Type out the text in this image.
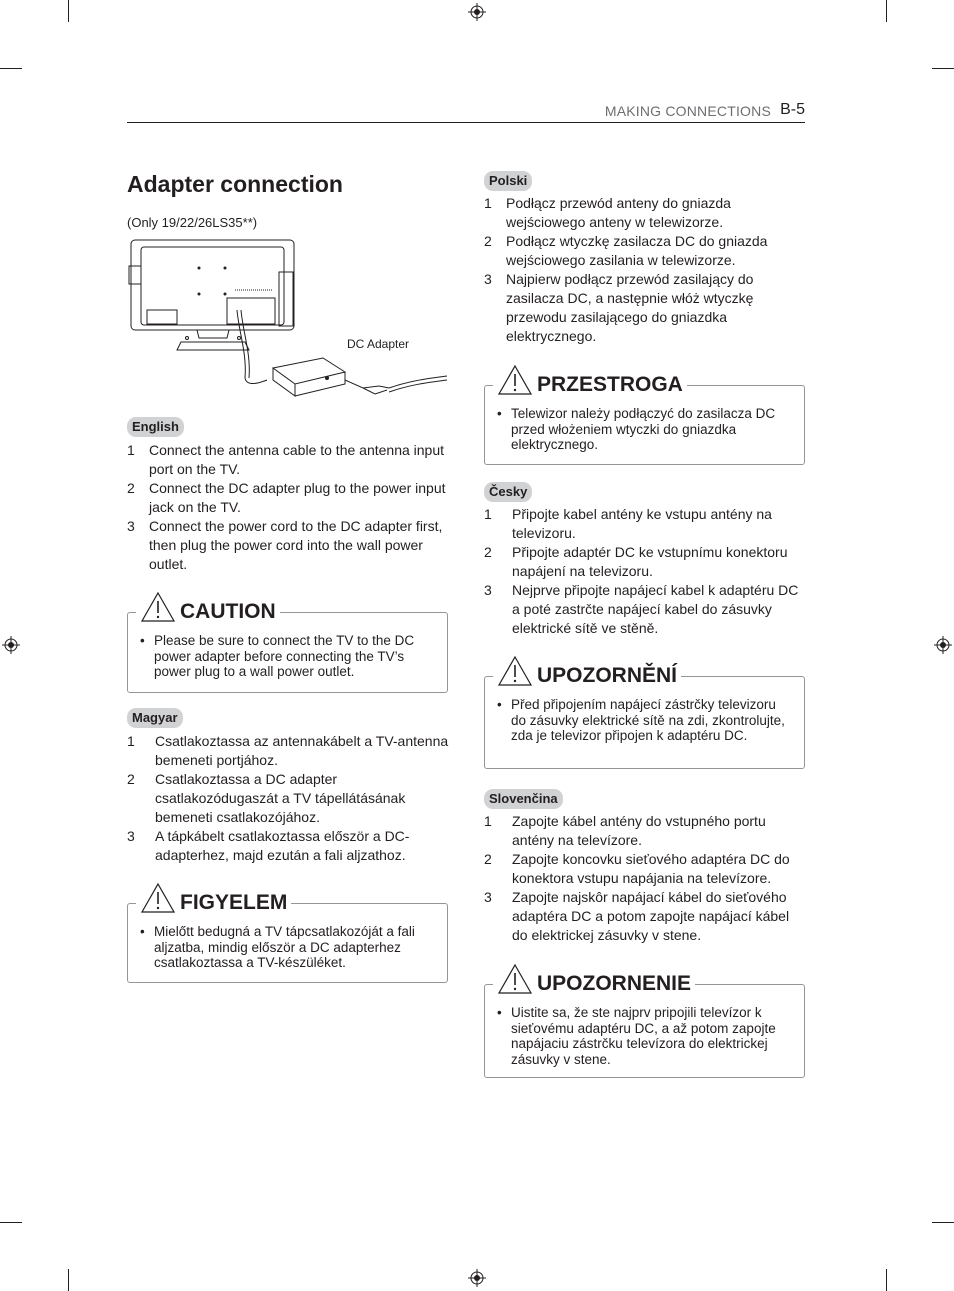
MAKING CONNECTIONS B-5
Adapter connection
(Only 19/22/26LS35**)
DC Adapter
English
1 Connect the antenna cable to the antenna input port on the TV.
2 Connect the DC adapter plug to the power input jack on the TV.
3 Connect the power cord to the DC adapter first, then plug the power cord into the wall power outlet.
CAUTION
• Please be sure to connect the TV to the DC power adapter before connecting the TV’s power plug to a wall power outlet.
Magyar
1 Csatlakoztassa az antennakábelt a TV-antenna bemeneti portjához.
2 Csatlakoztassa a DC adapter csatlakozódugaszát a TV tápellátásának bemeneti csatlakozójához.
3 A tápkábelt csatlakoztassa először a DC-adapterhez, majd ezután a fali aljzathoz.
FIGYELEM
• Mielőtt bedugná a TV tápcsatlakozóját a fali aljzatba, mindig először a DC adapterhez csatlakoztassa a TV-készüléket.
Polski
1 Podłącz przewód anteny do gniazda wejściowego anteny w telewizorze.
2 Podłącz wtyczkę zasilacza DC do gniazda wejściowego zasilania w telewizorze.
3 Najpierw podłącz przewód zasilający do zasilacza DC, a następnie włóż wtyczkę przewodu zasilającego do gniazdka elektrycznego.
PRZESTROGA
• Telewizor należy podłączyć do zasilacza DC przed włożeniem wtyczki do gniazdka elektrycznego.
Česky
1 Připojte kabel antény ke vstupu antény na televizoru.
2 Připojte adaptér DC ke vstupnímu konektoru napájení na televizoru.
3 Nejprve připojte napájecí kabel k adaptéru DC a poté zastrčte napájecí kabel do zásuvky elektrické sítě ve stěně.
UPOZORNĚNÍ
• Před připojením napájecí zástrčky televizoru do zásuvky elektrické sítě na zdi, zkontrolujte, zda je televizor připojen k adaptéru DC.
Slovenčina
1 Zapojte kábel antény do vstupného portu antény na televízore.
2 Zapojte koncovku sieťového adaptéra DC do konektora vstupu napájania na televízore.
3 Zapojte najskôr napájací kábel do sieťového adaptéra DC a potom zapojte napájací kábel do elektrickej zásuvky v stene.
UPOZORNENIE
• Uistite sa, že ste najprv pripojili televízor k sieťovému adaptéru DC, a až potom zapojte napájaciu zástrčku televízora do elektrickej zásuvky v stene.
